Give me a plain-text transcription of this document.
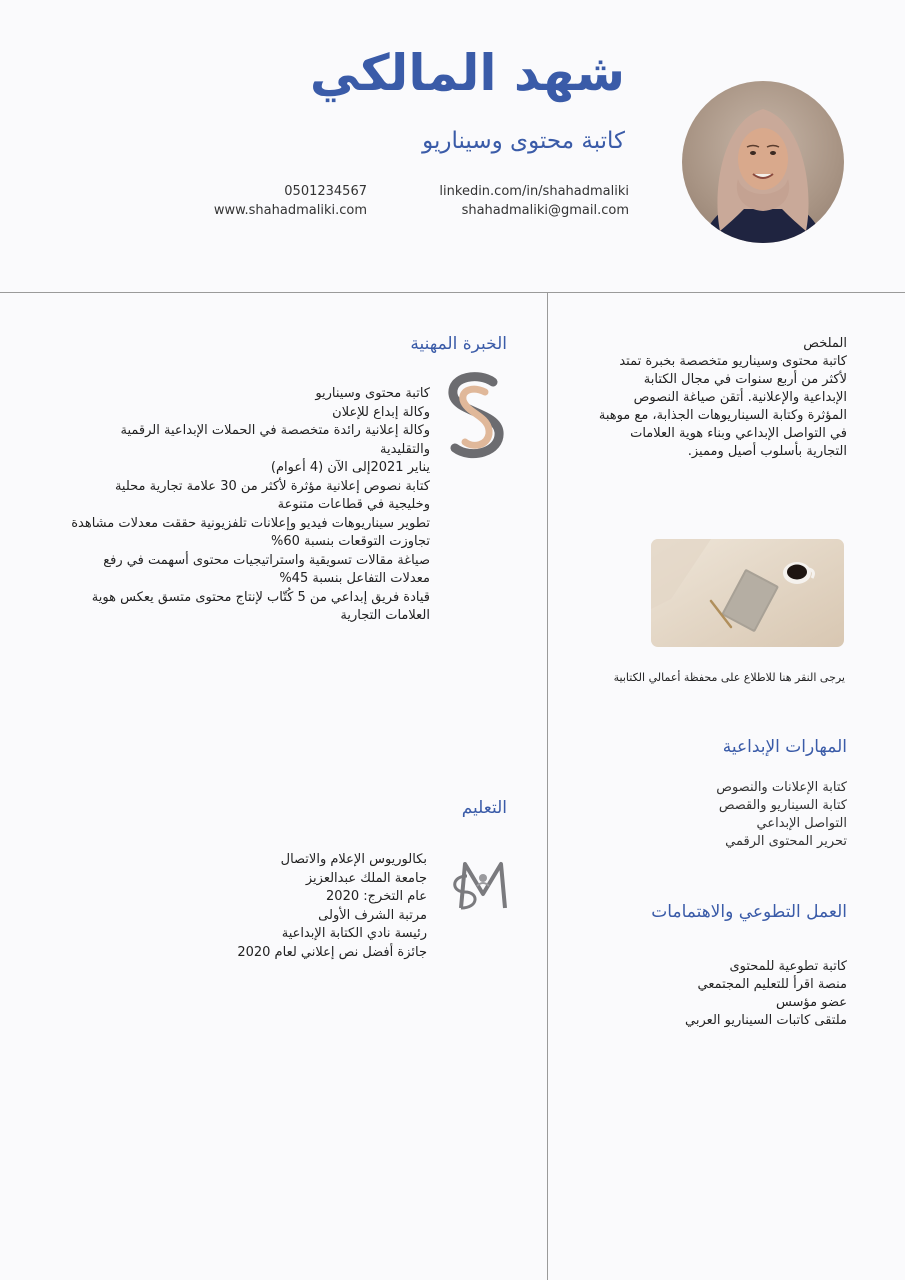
شهد المالكي
كاتبة محتوى وسيناريو
linkedin.com/in/shahadmaliki
shahadmaliki@gmail.com
0501234567
www.shahadmaliki.com
الملخص
كاتبة محتوى وسيناريو متخصصة بخبرة تمتد لأكثر من أربع سنوات في مجال الكتابة الإبداعية والإعلانية. أتقن صياغة النصوص المؤثرة وكتابة السيناريوهات الجذابة، مع موهبة في التواصل الإبداعي وبناء هوية العلامات التجارية بأسلوب أصيل ومميز.
يرجى النقر هنا للاطلاع على محفظة أعمالي الكتابية
المهارات الإبداعية
كتابة الإعلانات والنصوص
كتابة السيناريو والقصص
التواصل الإبداعي
تحرير المحتوى الرقمي
العمل التطوعي والاهتمامات
كاتبة تطوعية للمحتوى
منصة اقرأ للتعليم المجتمعي
عضو مؤسس
ملتقى كاتبات السيناريو العربي
الخبرة المهنية
كاتبة محتوى وسيناريو
وكالة إبداع للإعلان
وكالة إعلانية رائدة متخصصة في الحملات الإبداعية الرقمية والتقليدية
يناير 2021إلى الآن (4 أعوام)
كتابة نصوص إعلانية مؤثرة لأكثر من 30 علامة تجارية محلية وخليجية في قطاعات متنوعة
تطوير سيناريوهات فيديو وإعلانات تلفزيونية حققت معدلات مشاهدة تجاوزت التوقعات بنسبة 60%
صياغة مقالات تسويقية واستراتيجيات محتوى أسهمت في رفع معدلات التفاعل بنسبة 45%
قيادة فريق إبداعي من 5 كُتّاب لإنتاج محتوى متسق يعكس هوية العلامات التجارية
التعليم
بكالوريوس الإعلام والاتصال
جامعة الملك عبدالعزيز
عام التخرج: 2020
مرتبة الشرف الأولى
رئيسة نادي الكتابة الإبداعية
جائزة أفضل نص إعلاني لعام 2020
